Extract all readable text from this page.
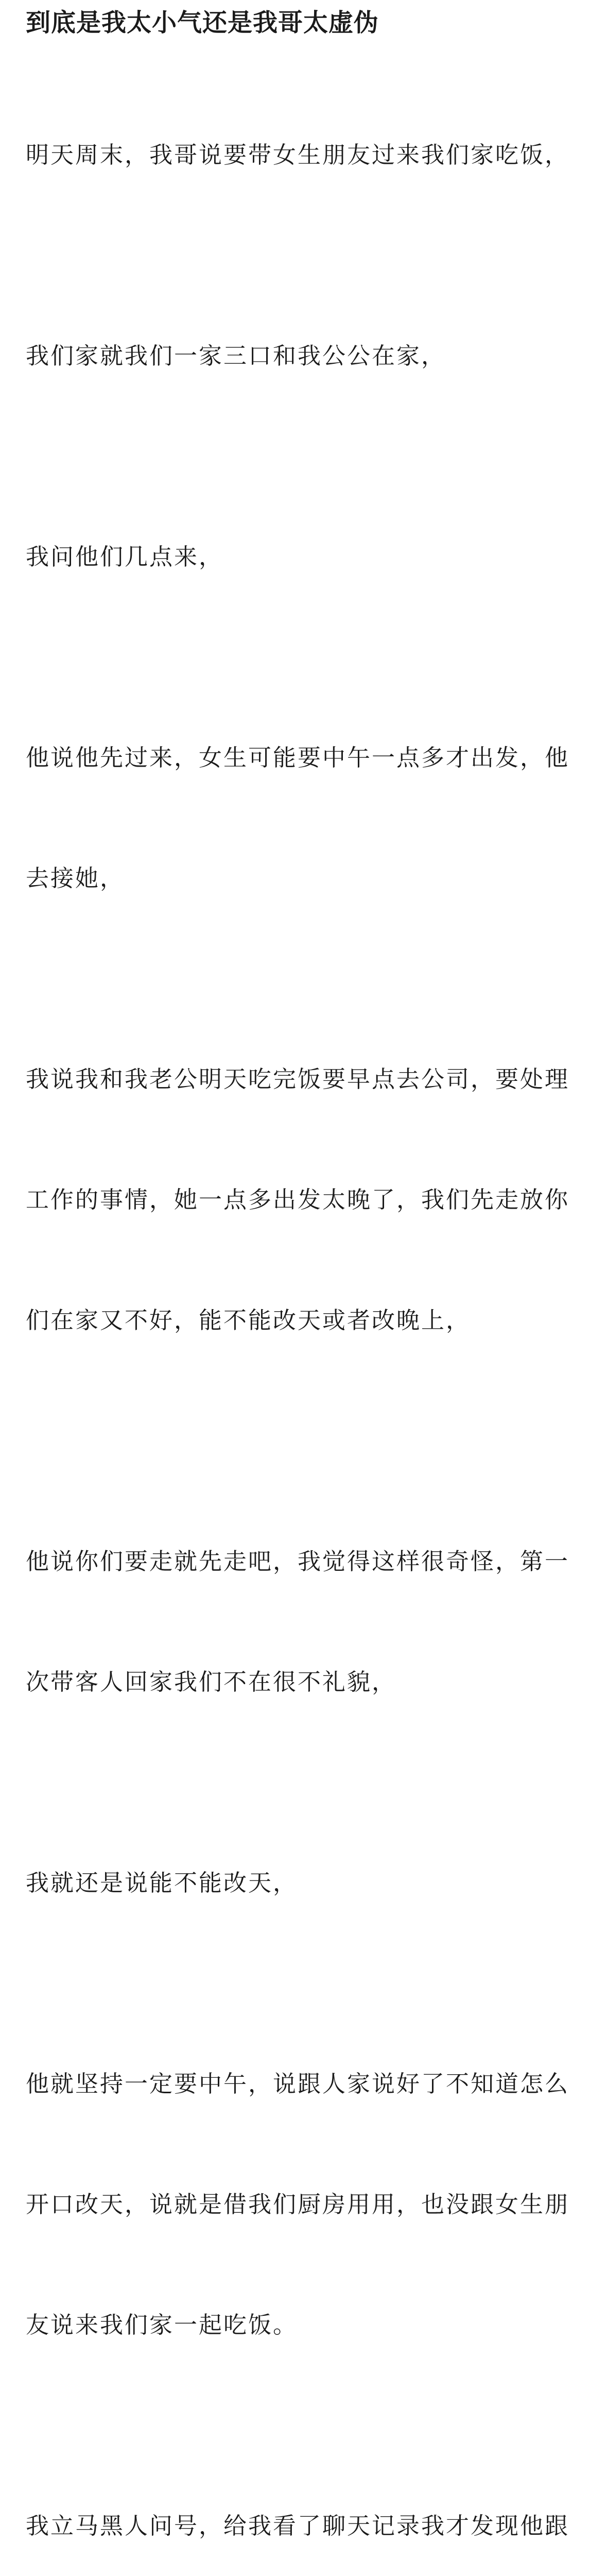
到底是我太小气还是我哥太虚伪

明天周末，我哥说要带女生朋友过来我们家吃饭，

我们家就我们一家三口和我公公在家，

我问他们几点来，

他说他先过来，女生可能要中午一点多才出发，他

去接她，

我说我和我老公明天吃完饭要早点去公司，要处理

工作的事情，她一点多出发太晚了，我们先走放你

们在家又不好，能不能改天或者改晚上，

他说你们要走就先走吧，我觉得这样很奇怪，第一

次带客人回家我们不在很不礼貌，

我就还是说能不能改天，

他就坚持一定要中午，说跟人家说好了不知道怎么

开口改天，说就是借我们厨房用用，也没跟女生朋

友说来我们家一起吃饭。

我立马黑人问号，给我看了聊天记录我才发现他跟
